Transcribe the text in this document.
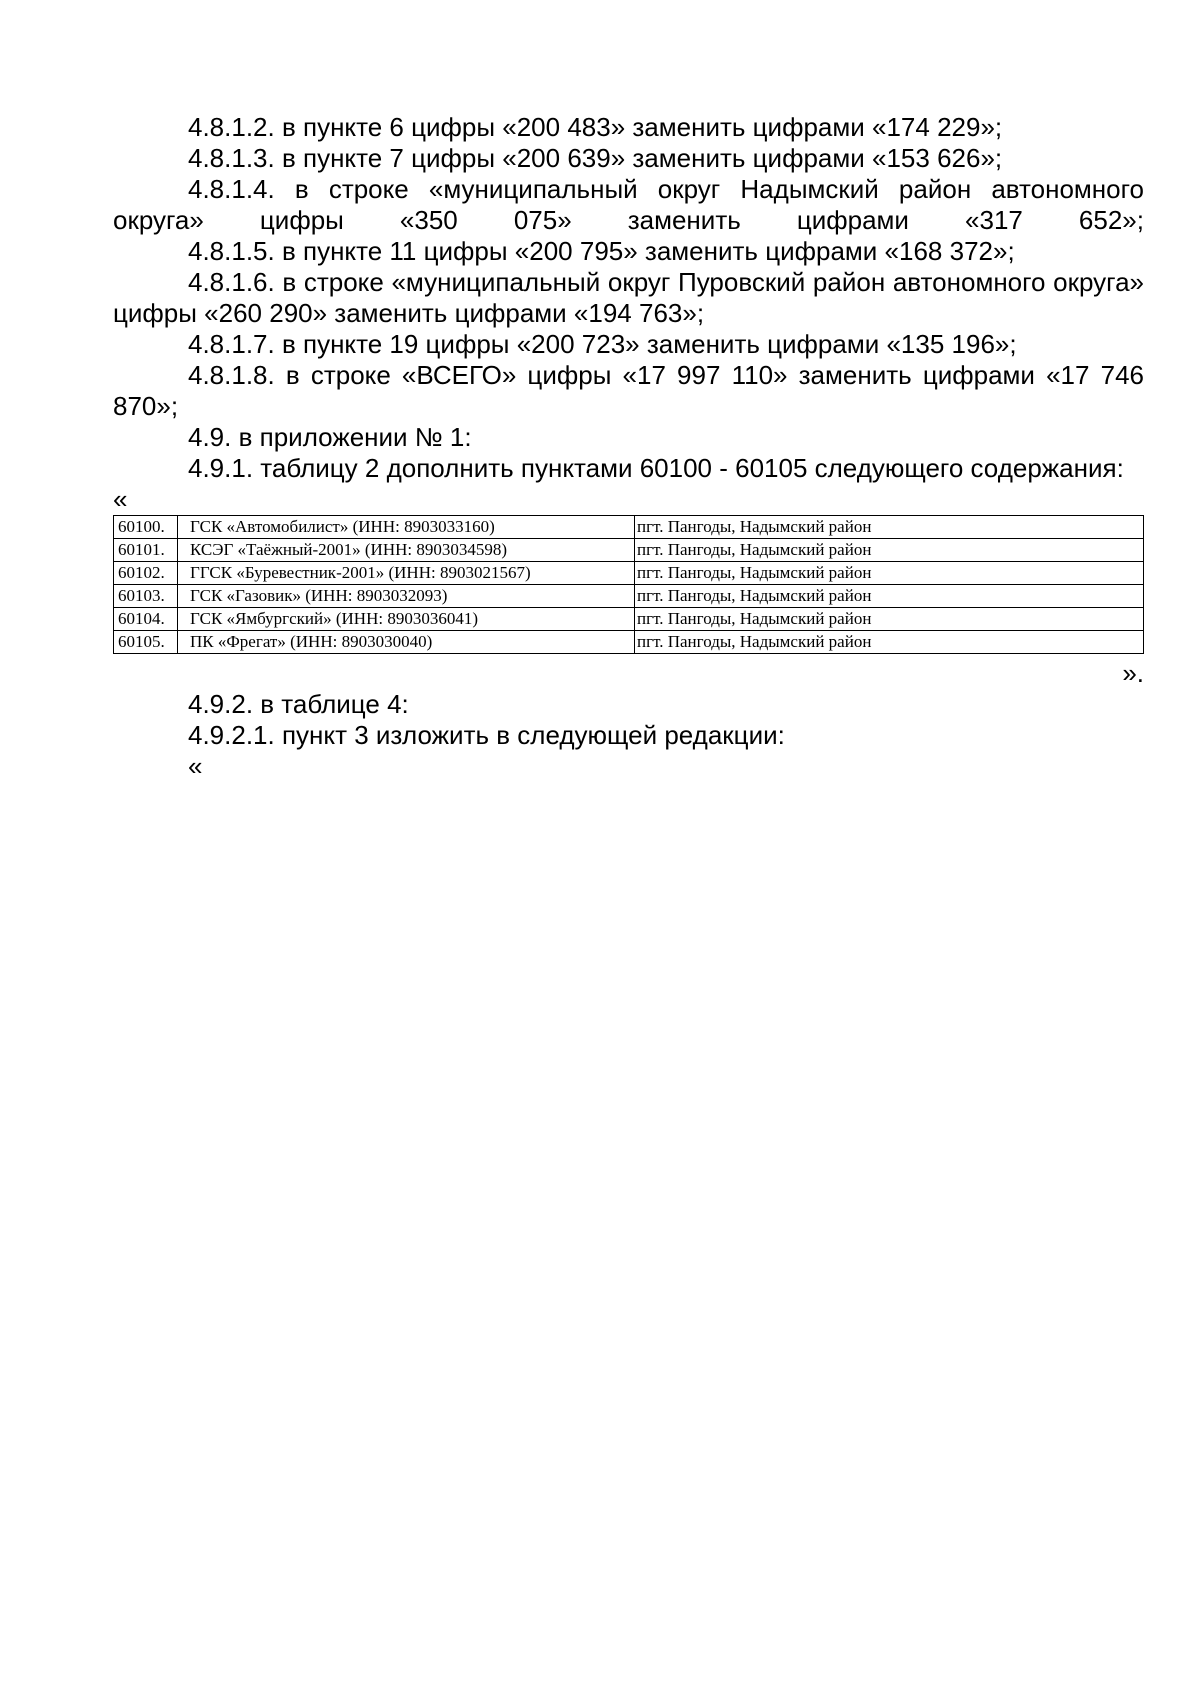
4.8.1.2. в пункте 6 цифры «200 483» заменить цифрами «174 229»;

4.8.1.3. в пункте 7 цифры «200 639» заменить цифрами «153 626»;

4.8.1.4. в строке «муниципальный округ Надымский район автономного округа» цифры «350 075» заменить цифрами «317 652»;

4.8.1.5. в пункте 11 цифры «200 795» заменить цифрами «168 372»;

4.8.1.6. в строке «муниципальный округ Пуровский район автономного округа» цифры «260 290» заменить цифрами «194 763»;

4.8.1.7. в пункте 19 цифры «200 723» заменить цифрами «135 196»;

4.8.1.8. в строке «ВСЕГО» цифры «17 997 110» заменить цифрами «17 746 870»;

4.9. в приложении № 1:

4.9.1. таблицу 2 дополнить пунктами 60100 - 60105 следующего содержания:

«

60100.	ГСК «Автомобилист» (ИНН: 8903033160)	пгт. Пангоды, Надымский район
60101.	КСЭГ «Таёжный-2001» (ИНН: 8903034598)	пгт. Пангоды, Надымский район
60102.	ГГСК «Буревестник-2001» (ИНН: 8903021567)	пгт. Пангоды, Надымский район
60103.	ГСК «Газовик» (ИНН: 8903032093)	пгт. Пангоды, Надымский район
60104.	ГСК «Ямбургский» (ИНН: 8903036041)	пгт. Пангоды, Надымский район
60105.	ПК «Фрегат» (ИНН: 8903030040)	пгт. Пангоды, Надымский район

».

4.9.2. в таблице 4:

4.9.2.1. пункт 3 изложить в следующей редакции:

«
